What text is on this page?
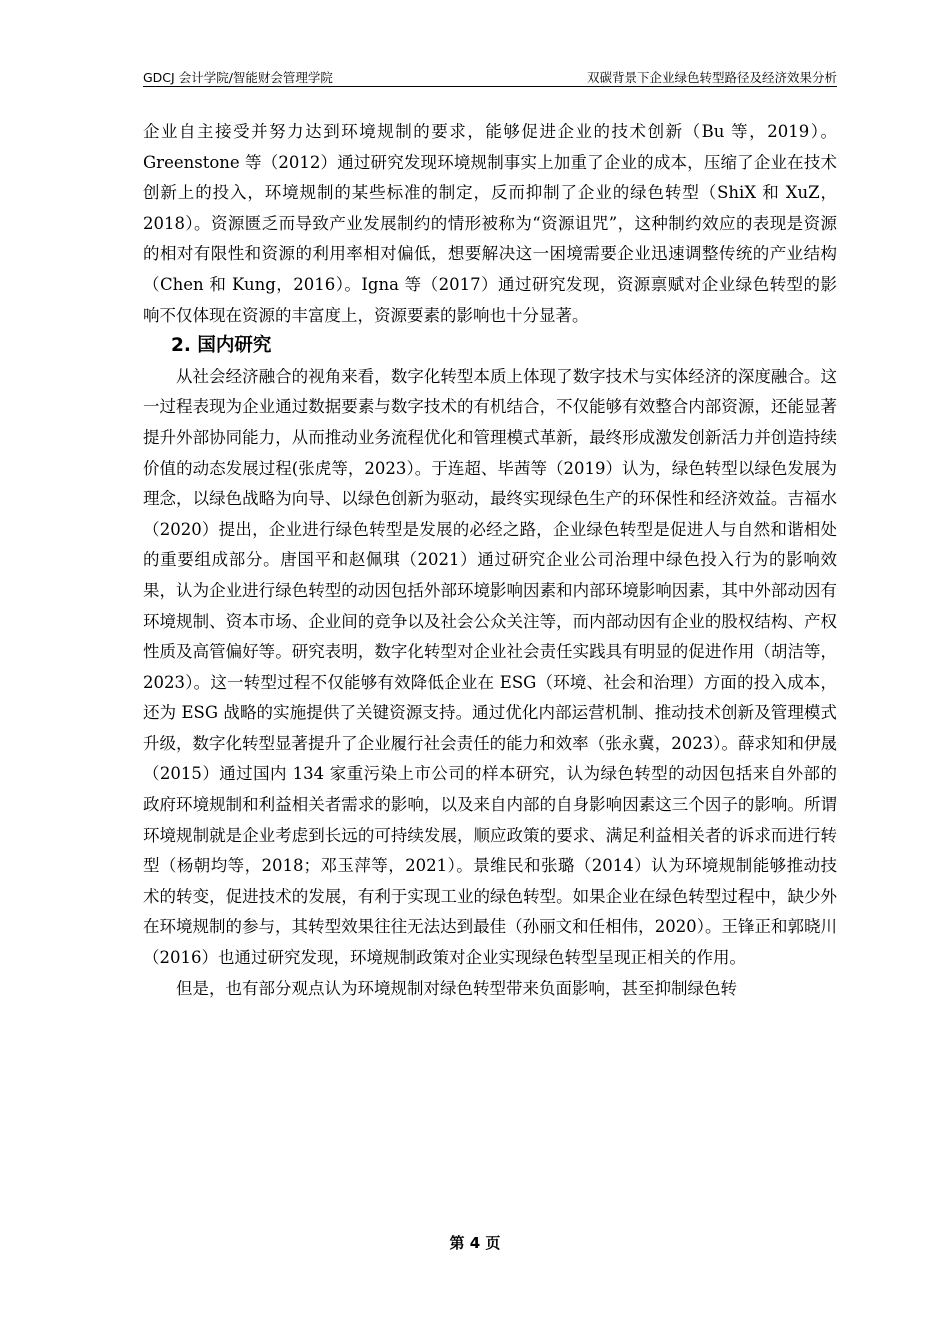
GDCJ 会计学院/智能财会管理学院	双碳背景下企业绿色转型路径及经济效果分析

企业自主接受并努力达到环境规制的要求，能够促进企业的技术创新（Bu 等，2019）。Greenstone 等（2012）通过研究发现环境规制事实上加重了企业的成本，压缩了企业在技术创新上的投入，环境规制的某些标准的制定，反而抑制了企业的绿色转型（ShiX 和 XuZ，2018）。资源匮乏而导致产业发展制约的情形被称为“资源诅咒”，这种制约效应的表现是资源的相对有限性和资源的利用率相对偏低，想要解决这一困境需要企业迅速调整传统的产业结构（Chen 和 Kung，2016）。Igna 等（2017）通过研究发现，资源禀赋对企业绿色转型的影响不仅体现在资源的丰富度上，资源要素的影响也十分显著。

2. 国内研究

从社会经济融合的视角来看，数字化转型本质上体现了数字技术与实体经济的深度融合。这一过程表现为企业通过数据要素与数字技术的有机结合，不仅能够有效整合内部资源，还能显著提升外部协同能力，从而推动业务流程优化和管理模式革新，最终形成激发创新活力并创造持续价值的动态发展过程(张虎等，2023）。于连超、毕茜等（2019）认为，绿色转型以绿色发展为理念，以绿色战略为向导、以绿色创新为驱动，最终实现绿色生产的环保性和经济效益。吉福水（2020）提出，企业进行绿色转型是发展的必经之路，企业绿色转型是促进人与自然和谐相处的重要组成部分。唐国平和赵佩琪（2021）通过研究企业公司治理中绿色投入行为的影响效果，认为企业进行绿色转型的动因包括外部环境影响因素和内部环境影响因素，其中外部动因有环境规制、资本市场、企业间的竞争以及社会公众关注等，而内部动因有企业的股权结构、产权性质及高管偏好等。研究表明，数字化转型对企业社会责任实践具有明显的促进作用（胡洁等，2023）。这一转型过程不仅能够有效降低企业在 ESG（环境、社会和治理）方面的投入成本，还为 ESG 战略的实施提供了关键资源支持。通过优化内部运营机制、推动技术创新及管理模式升级，数字化转型显著提升了企业履行社会责任的能力和效率（张永冀，2023）。薛求知和伊晟（2015）通过国内 134 家重污染上市公司的样本研究，认为绿色转型的动因包括来自外部的政府环境规制和利益相关者需求的影响，以及来自内部的自身影响因素这三个因子的影响。所谓环境规制就是企业考虑到长远的可持续发展，顺应政策的要求、满足利益相关者的诉求而进行转型（杨朝均等，2018；邓玉萍等，2021）。景维民和张璐（2014）认为环境规制能够推动技术的转变，促进技术的发展，有利于实现工业的绿色转型。如果企业在绿色转型过程中，缺少外在环境规制的参与，其转型效果往往无法达到最佳（孙丽文和任相伟，2020）。王锋正和郭晓川（2016）也通过研究发现，环境规制政策对企业实现绿色转型呈现正相关的作用。

但是，也有部分观点认为环境规制对绿色转型带来负面影响，甚至抑制绿色转

第 4 页
